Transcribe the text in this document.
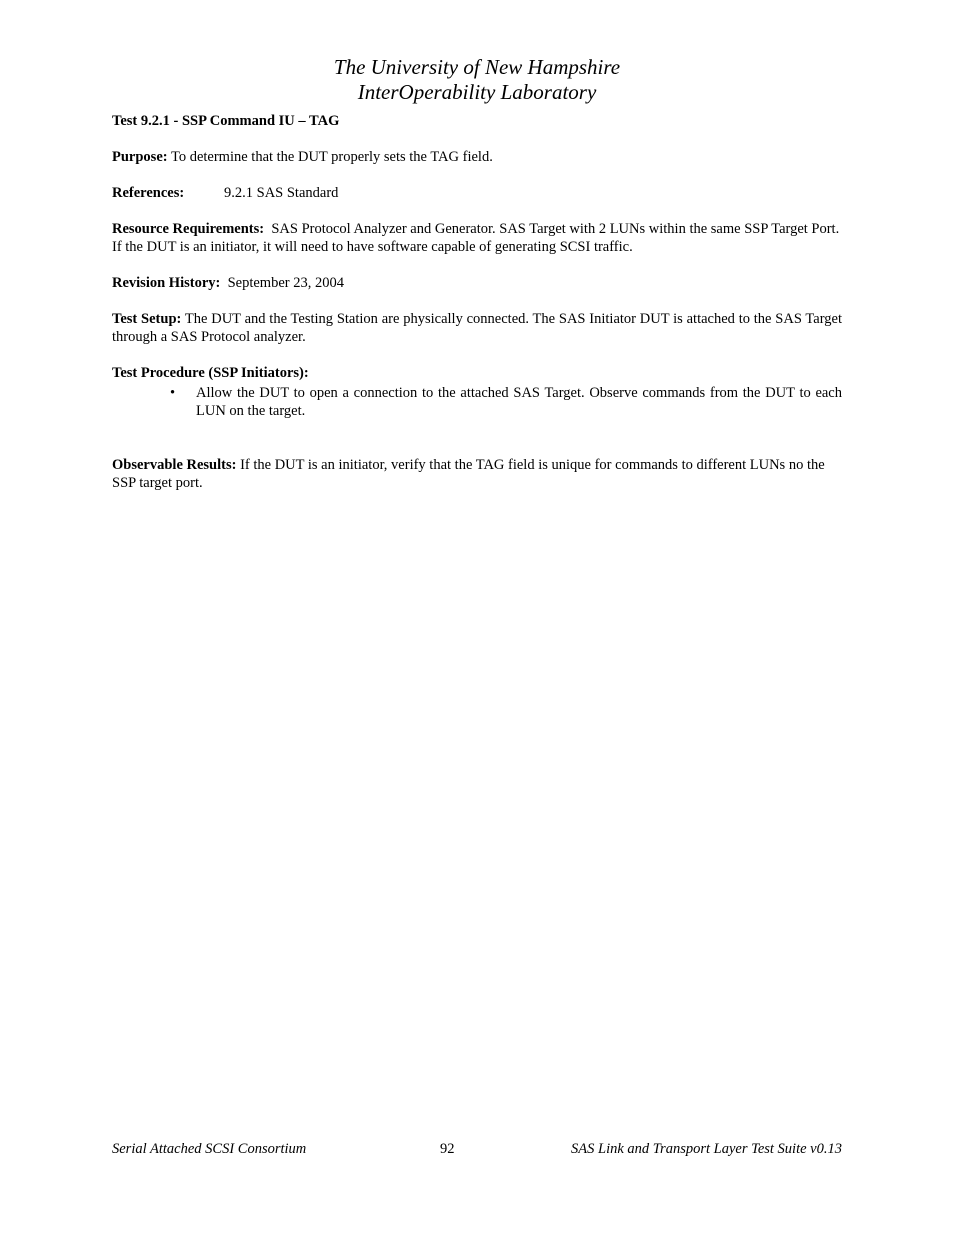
The University of New Hampshire
InterOperability Laboratory
Test 9.2.1 - SSP Command IU – TAG
Purpose: To determine that the DUT properly sets the TAG field.
References:	9.2.1 SAS Standard
Resource Requirements: SAS Protocol Analyzer and Generator. SAS Target with 2 LUNs within the same SSP Target Port. If the DUT is an initiator, it will need to have software capable of generating SCSI traffic.
Revision History: September 23, 2004
Test Setup: The DUT and the Testing Station are physically connected. The SAS Initiator DUT is attached to the SAS Target through a SAS Protocol analyzer.
Test Procedure (SSP Initiators):
• Allow the DUT to open a connection to the attached SAS Target. Observe commands from the DUT to each LUN on the target.
Observable Results: If the DUT is an initiator, verify that the TAG field is unique for commands to different LUNs no the SSP target port.
Serial Attached SCSI Consortium	92	SAS Link and Transport Layer Test Suite v0.13
